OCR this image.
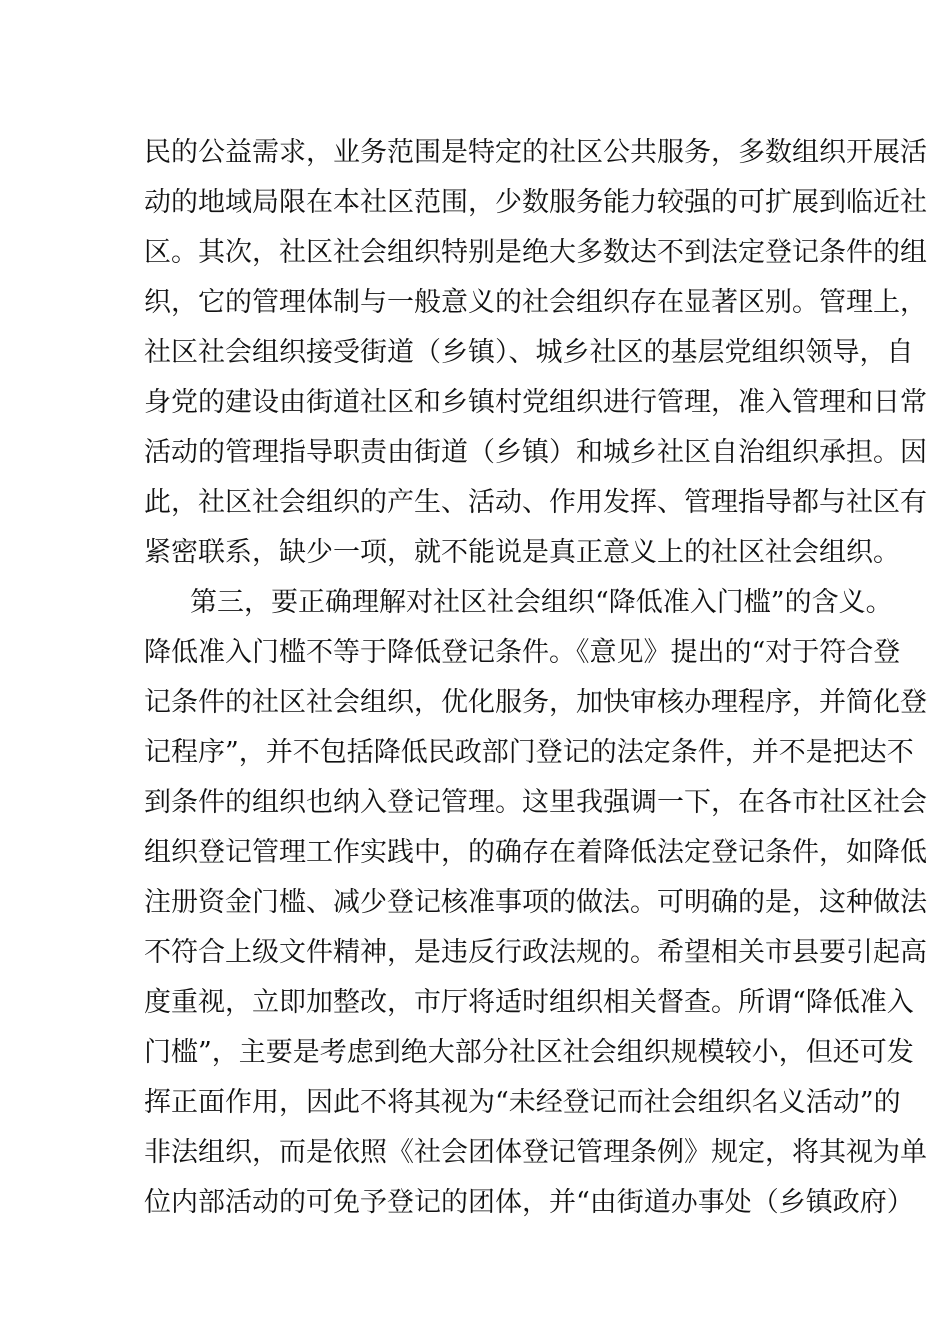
民的公益需求，业务范围是特定的社区公共服务，多数组织开展活
动的地域局限在本社区范围，少数服务能力较强的可扩展到临近社
区。其次，社区社会组织特别是绝大多数达不到法定登记条件的组
织，它的管理体制与一般意义的社会组织存在显著区别。管理上，
社区社会组织接受街道（乡镇）、城乡社区的基层党组织领导，自
身党的建设由街道社区和乡镇村党组织进行管理，准入管理和日常
活动的管理指导职责由街道（乡镇）和城乡社区自治组织承担。因
此，社区社会组织的产生、活动、作用发挥、管理指导都与社区有
紧密联系，缺少一项，就不能说是真正意义上的社区社会组织。
第三，要正确理解对社区社会组织“降低准入门槛”的含义。
降低准入门槛不等于降低登记条件。《意见》提出的“对于符合登
记条件的社区社会组织，优化服务，加快审核办理程序，并简化登
记程序”，并不包括降低民政部门登记的法定条件，并不是把达不
到条件的组织也纳入登记管理。这里我强调一下，在各市社区社会
组织登记管理工作实践中，的确存在着降低法定登记条件，如降低
注册资金门槛、减少登记核准事项的做法。可明确的是，这种做法
不符合上级文件精神，是违反行政法规的。希望相关市县要引起高
度重视，立即加整改，市厅将适时组织相关督查。所谓“降低准入
门槛”，主要是考虑到绝大部分社区社会组织规模较小，但还可发
挥正面作用，因此不将其视为“未经登记而社会组织名义活动”的
非法组织，而是依照《社会团体登记管理条例》规定，将其视为单
位内部活动的可免予登记的团体，并“由街道办事处（乡镇政府）
